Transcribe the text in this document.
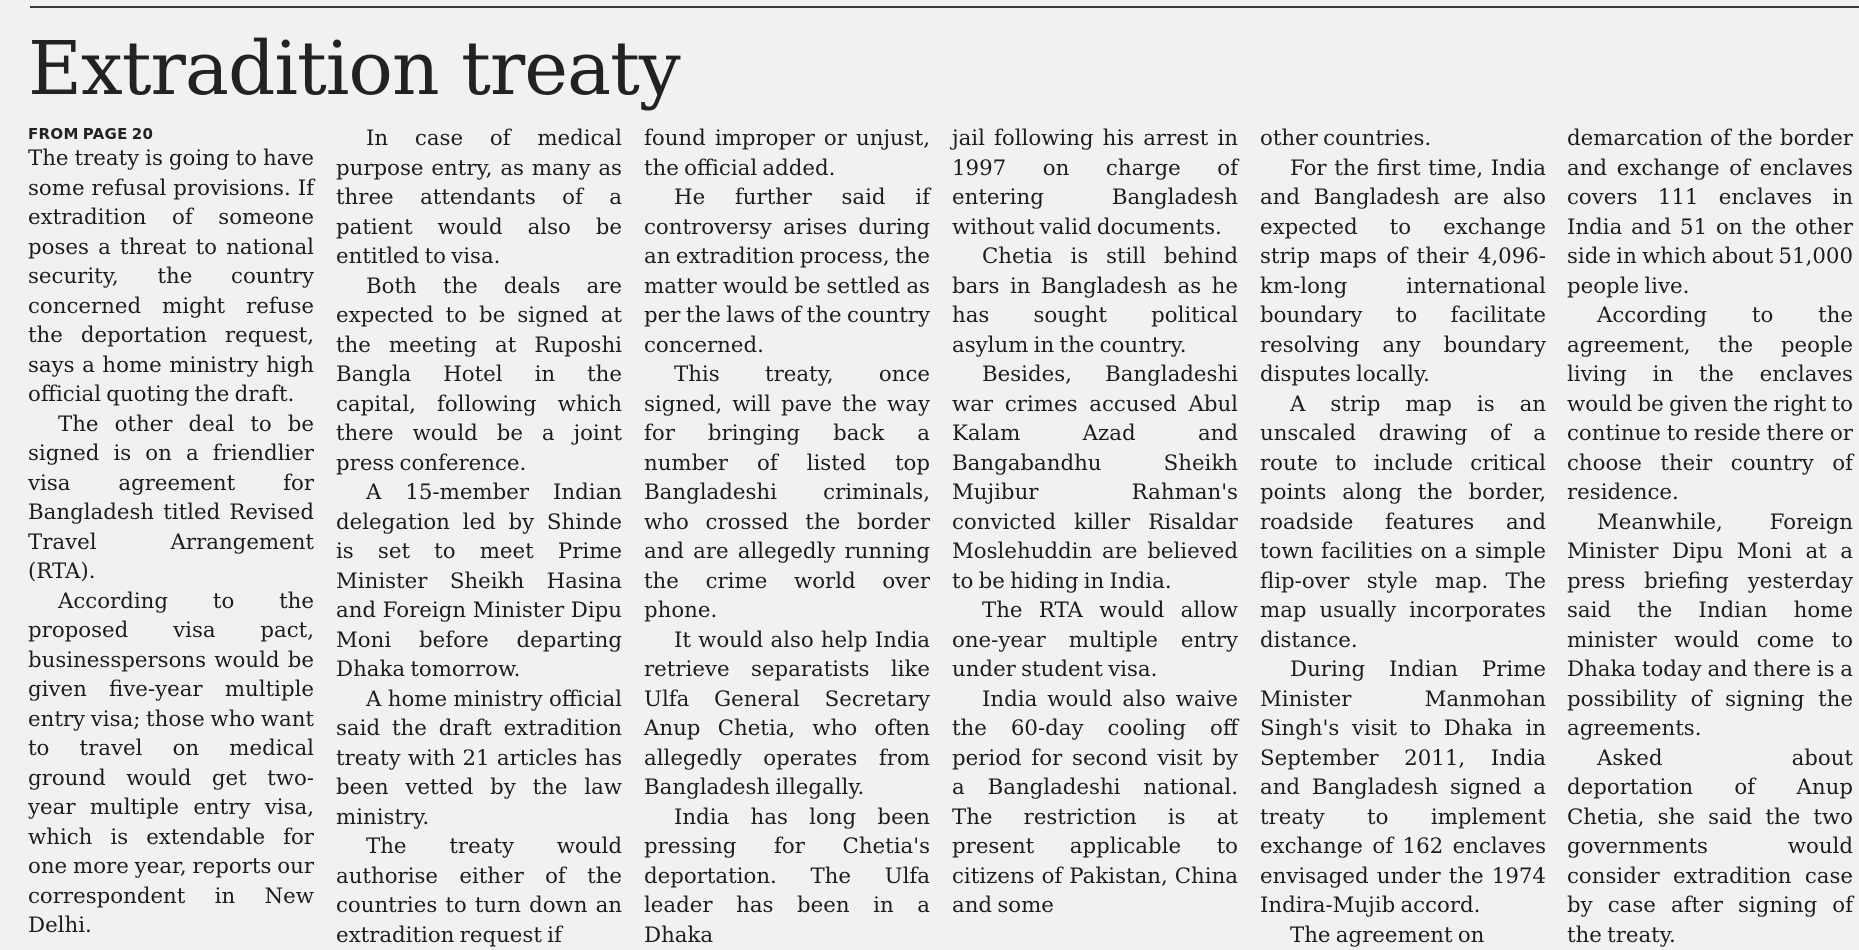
Extradition treaty
FROM PAGE 20

The treaty is going to have some refusal provisions. If extradition of someone poses a threat to national security, the country concerned might refuse the deportation request, says a home ministry high official quoting the draft.

The other deal to be signed is on a friendlier visa agreement for Bangladesh titled Revised Travel Arrangement (RTA).

According to the proposed visa pact, businesspersons would be given five-year multiple entry visa; those who want to travel on medical ground would get two-year multiple entry visa, which is extendable for one more year, reports our correspondent in New Delhi.

In case of medical purpose entry, as many as three attendants of a patient would also be entitled to visa.

Both the deals are expected to be signed at the meeting at Ruposhi Bangla Hotel in the capital, following which there would be a joint press conference.

A 15-member Indian delegation led by Shinde is set to meet Prime Minister Sheikh Hasina and Foreign Minister Dipu Moni before departing Dhaka tomorrow.

A home ministry official said the draft extradition treaty with 21 articles has been vetted by the law ministry.

The treaty would authorise either of the countries to turn down an extradition request if

found improper or unjust, the official added.

He further said if controversy arises during an extradition process, the matter would be settled as per the laws of the country concerned.

This treaty, once signed, will pave the way for bringing back a number of listed top Bangladeshi criminals, who crossed the border and are allegedly running the crime world over phone.

It would also help India retrieve separatists like Ulfa General Secretary Anup Chetia, who often allegedly operates from Bangladesh illegally.

India has long been pressing for Chetia's deportation. The Ulfa leader has been in a Dhaka

jail following his arrest in 1997 on charge of entering Bangladesh without valid documents.

Chetia is still behind bars in Bangladesh as he has sought political asylum in the country.

Besides, Bangladeshi war crimes accused Abul Kalam Azad and Bangabandhu Sheikh Mujibur Rahman's convicted killer Risaldar Moslehuddin are believed to be hiding in India.

The RTA would allow one-year multiple entry under student visa.

India would also waive the 60-day cooling off period for second visit by a Bangladeshi national. The restriction is at present applicable to citizens of Pakistan, China and some

other countries.

For the first time, India and Bangladesh are also expected to exchange strip maps of their 4,096-km-long international boundary to facilitate resolving any boundary disputes locally.

A strip map is an unscaled drawing of a route to include critical points along the border, roadside features and town facilities on a simple flip-over style map. The map usually incorporates distance.

During Indian Prime Minister Manmohan Singh's visit to Dhaka in September 2011, India and Bangladesh signed a treaty to implement exchange of 162 enclaves envisaged under the 1974 Indira-Mujib accord.

The agreement on

demarcation of the border and exchange of enclaves covers 111 enclaves in India and 51 on the other side in which about 51,000 people live.

According to the agreement, the people living in the enclaves would be given the right to continue to reside there or choose their country of residence.

Meanwhile, Foreign Minister Dipu Moni at a press briefing yesterday said the Indian home minister would come to Dhaka today and there is a possibility of signing the agreements.

Asked about deportation of Anup Chetia, she said the two governments would consider extradition case by case after signing of the treaty.
